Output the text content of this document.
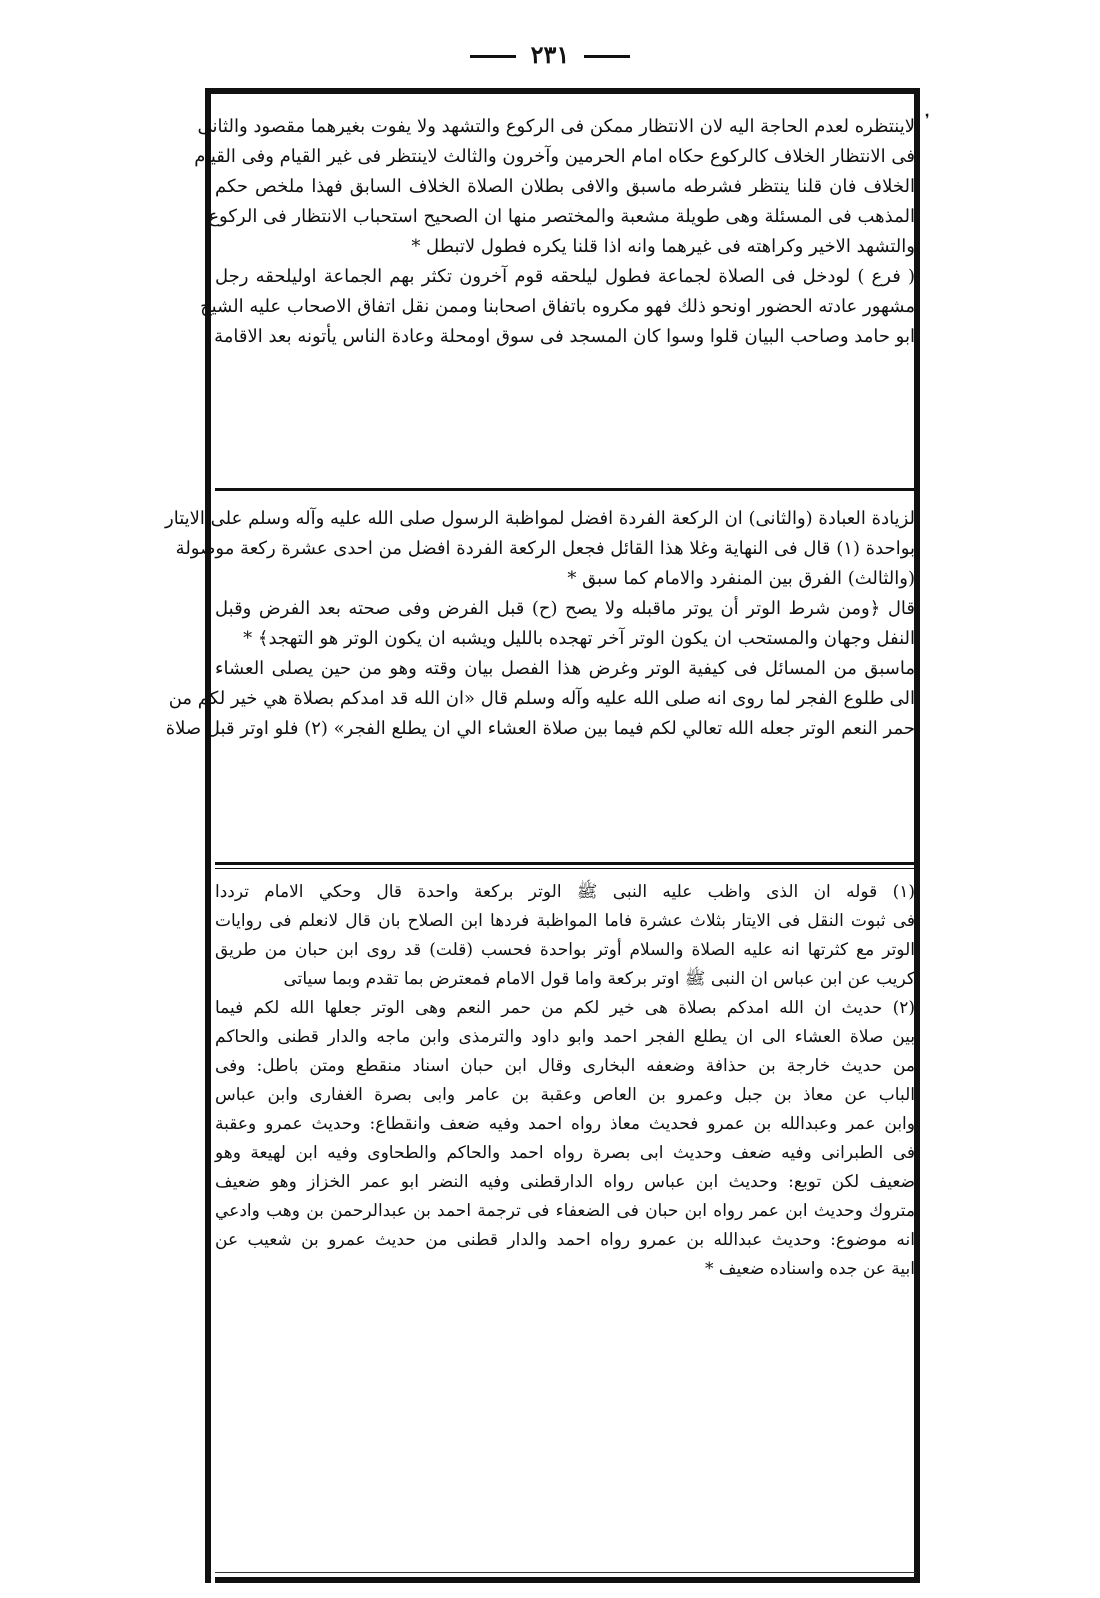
٢٣١
❜
لاينتظره لعدم الحاجة اليه لان الانتظار ممكن فى الركوع والتشهد ولا يفوت بغيرهما مقصود والثانى
فى الانتظار الخلاف كالركوع حكاه امام الحرمين وآخرون والثالث لاينتظر فى غير القيام وفى القيام
الخلاف فان قلنا ينتظر فشرطه ماسبق والافى بطلان الصلاة الخلاف السابق فهذا ملخص حكم
المذهب فى المسئلة وهى طويلة مشعبة والمختصر منها ان الصحيح استحباب الانتظار فى الركوع
والتشهد الاخير وكراهته فى غيرهما وانه اذا قلنا يكره فطول لاتبطل *
( فرع ) لودخل فى الصلاة لجماعة فطول ليلحقه قوم آخرون تكثر بهم الجماعة اوليلحقه رجل
مشهور عادته الحضور اونحو ذلك فهو مكروه باتفاق اصحابنا وممن نقل اتفاق الاصحاب عليه الشيخ
ابو حامد وصاحب البيان قلوا وسوا كان المسجد فى سوق اومحلة وعادة الناس يأتونه بعد الاقامة
لزيادة العبادة (والثانى) ان الركعة الفردة افضل لمواظبة الرسول صلى الله عليه وآله وسلم على الايتار
بواحدة (١) قال فى النهاية وغلا هذا القائل فجعل الركعة الفردة افضل من احدى عشرة ركعة موصولة
(والثالث) الفرق بين المنفرد والامام كما سبق *
قال ﴿ومن شرط الوتر أن يوتر ماقبله ولا يصح (ح) قبل الفرض وفى صحته بعد الفرض وقبل
النفل وجهان والمستحب ان يكون الوتر آخر تهجده بالليل ويشبه ان يكون الوتر هو التهجد﴾ *
ماسبق من المسائل فى كيفية الوتر وغرض هذا الفصل بيان وقته وهو من حين يصلى العشاء
الى طلوع الفجر لما روى انه صلى الله عليه وآله وسلم قال «ان الله قد امدكم بصلاة هي خير لكم من
حمر النعم الوتر جعله الله تعالي لكم فيما بين صلاة العشاء الي ان يطلع الفجر» (٢) فلو اوتر قبل صلاة
(١) قوله ان الذى واظب عليه النبى ﷺ الوتر بركعة واحدة قال وحكي الامام ترددا
فى ثبوت النقل فى الايتار بثلاث عشرة فاما المواظبة فردها ابن الصلاح بان قال لانعلم فى روايات
الوتر مع كثرتها انه عليه الصلاة والسلام أوتر بواحدة فحسب (قلت) قد روى ابن حبان من طريق
كريب عن ابن عباس ان النبى ﷺ اوتر بركعة واما قول الامام فمعترض بما تقدم وبما سياتى
(٢) حديث ان الله امدكم بصلاة هى خير لكم من حمر النعم وهى الوتر جعلها الله لكم فيما
بين صلاة العشاء الى ان يطلع الفجر احمد وابو داود والترمذى وابن ماجه والدار قطنى والحاكم
من حديث خارجة بن حذافة وضعفه البخارى وقال ابن حبان اسناد منقطع ومتن باطل: وفى
الباب عن معاذ بن جبل وعمرو بن العاص وعقبة بن عامر وابى بصرة الغفارى وابن عباس
وابن عمر وعبدالله بن عمرو فحديث معاذ رواه احمد وفيه ضعف وانقطاع: وحديث عمرو وعقبة
فى الطبرانى وفيه ضعف وحديث ابى بصرة رواه احمد والحاكم والطحاوى وفيه ابن لهيعة وهو
ضعيف لكن توبع: وحديث ابن عباس رواه الدارقطنى وفيه النضر ابو عمر الخزاز وهو ضعيف
متروك وحديث ابن عمر رواه ابن حبان فى الضعفاء فى ترجمة احمد بن عبدالرحمن بن وهب وادعي
انه موضوع: وحديث عبدالله بن عمرو رواه احمد والدار قطنى من حديث عمرو بن شعيب عن
ابية عن جده واسناده ضعيف *
